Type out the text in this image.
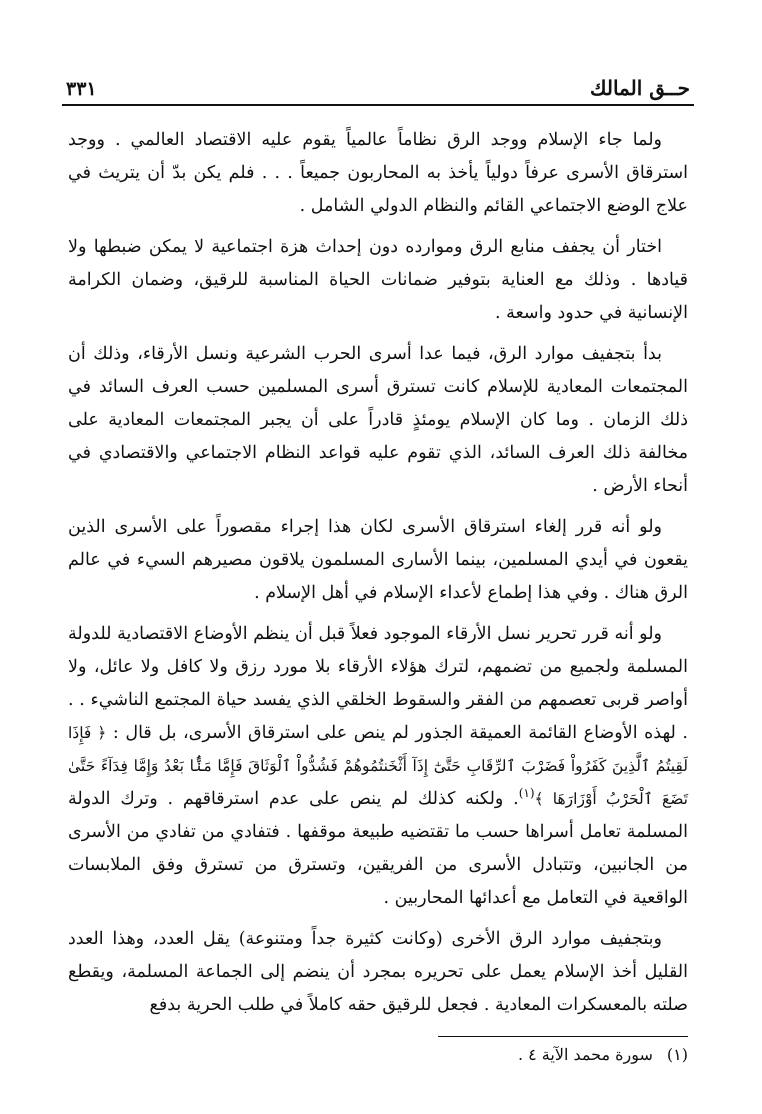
حــق المالك
٣٣١

ولما جاء الإسلام ووجد الرق نظاماً عالمياً يقوم عليه الاقتصاد العالمي . ووجد استرقاق الأسرى عرفاً دولياً يأخذ به المحاربون جميعاً . . . فلم يكن بدّ أن يتريث في علاج الوضع الاجتماعي القائم والنظام الدولي الشامل .

اختار أن يجفف منابع الرق وموارده دون إحداث هزة اجتماعية لا يمكن ضبطها ولا قيادها . وذلك مع العناية بتوفير ضمانات الحياة المناسبة للرقيق، وضمان الكرامة الإنسانية في حدود واسعة .

بدأ بتجفيف موارد الرق، فيما عدا أسرى الحرب الشرعية ونسل الأرقاء، وذلك أن المجتمعات المعادية للإسلام كانت تسترق أسرى المسلمين حسب العرف السائد في ذلك الزمان . وما كان الإسلام يومئذٍ قادراً على أن يجبر المجتمعات المعادية على مخالفة ذلك العرف السائد، الذي تقوم عليه قواعد النظام الاجتماعي والاقتصادي في أنحاء الأرض .

ولو أنه قرر إلغاء استرقاق الأسرى لكان هذا إجراء مقصوراً على الأسرى الذين يقعون في أيدي المسلمين، بينما الأسارى المسلمون يلاقون مصيرهم السيء في عالم الرق هناك . وفي هذا إطماع لأعداء الإسلام في أهل الإسلام .

ولو أنه قرر تحرير نسل الأرقاء الموجود فعلاً قبل أن ينظم الأوضاع الاقتصادية للدولة المسلمة ولجميع من تضمهم، لترك هؤلاء الأرقاء بلا مورد رزق ولا كافل ولا عائل، ولا أواصر قربى تعصمهم من الفقر والسقوط الخلقي الذي يفسد حياة المجتمع الناشيء . . . لهذه الأوضاع القائمة العميقة الجذور لم ينص على استرقاق الأسرى، بل قال : ﴿ فَإِذَا لَقِيتُمُ ٱلَّذِينَ كَفَرُواْ فَضَرْبَ ٱلرِّقَابِ حَتَّىٰٓ إِذَآ أَثْخَنتُمُوهُمْ فَشُدُّواْ ٱلْوَثَاقَ فَإِمَّا مَنًّۢا بَعْدُ وَإِمَّا فِدَآءً حَتَّىٰ تَضَعَ ٱلْحَرْبُ أَوْزَارَهَا ﴾$^{(١)}$. ولكنه كذلك لم ينص على عدم استرقاقهم . وترك الدولة المسلمة تعامل أسراها حسب ما تقتضيه طبيعة موقفها . فتفادي من تفادي من الأسرى من الجانبين، وتتبادل الأسرى من الفريقين، وتسترق من تسترق وفق الملابسات الواقعية في التعامل مع أعدائها المحاربين .

وبتجفيف موارد الرق الأخرى (وكانت كثيرة جداً ومتنوعة) يقل العدد، وهذا العدد القليل أخذ الإسلام يعمل على تحريره بمجرد أن ينضم إلى الجماعة المسلمة، ويقطع صلته بالمعسكرات المعادية . فجعل للرقيق حقه كاملاً في طلب الحرية بدفع

(١)سورة محمد الآية ٤ .
